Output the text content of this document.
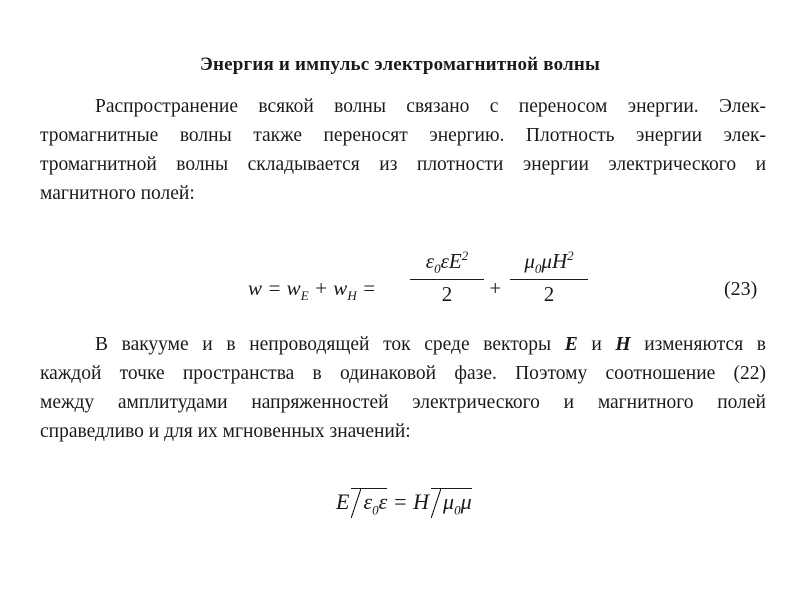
Энергия и импульс электромагнитной волны
Распространение всякой волны связано с переносом энергии. Элек-
тромагнитные волны также переносят энергию. Плотность энергии элек-
тромагнитной волны складывается из плотности энергии электрического и
магнитного полей:
$w = w_E + w_H$ =
$\varepsilon_0\varepsilon E^2$
2	+
$\mu_0\mu H^2$
2	(23)
В вакууме и в непроводящей ток среде векторы E и H изменяются в
каждой точке пространства в одинаковой фазе. Поэтому соотношение (22)
между амплитудами напряженностей электрического и магнитного полей
справедливо и для их мгновенных значений:
E $\varepsilon_0\varepsilon = H$ $\mu_0\mu$
